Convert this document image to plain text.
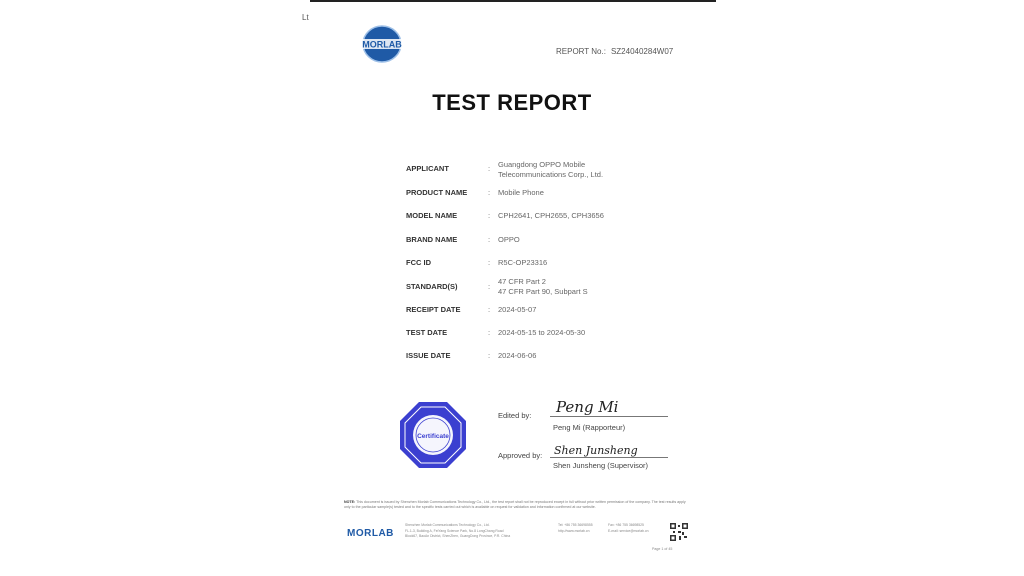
Lt
MORLAB
REPORT No.: SZ24040284W07
TEST REPORT
APPLICANT	: Guangdong OPPO Mobile
Telecommunications Corp., Ltd.
PRODUCT NAME	: Mobile Phone
MODEL NAME	: CPH2641, CPH2655, CPH3656
BRAND NAME	: OPPO
FCC ID	: R5C-OP23316
STANDARD(S)	:
47 CFR Part 2
47 CFR Part 90, Subpart S
RECEIPT DATE	: 2024-05-07
TEST DATE	: 2024-05-15 to 2024-05-30
ISSUE DATE	: 2024-06-06
Certificate
Edited by: Peng Mi
Peng Mi (Rapporteur)
Approved by: Shen Junsheng
Shen Junsheng (Supervisor)
NOTE: This document is issued by Shenzhen Morlab Communications Technology Co., Ltd., the test report shall not be reproduced except in full without prior written permission of the company. The test results apply only to the particular sample(s) tested and to the specific tests carried out which is available on request for validation and information confirmed at our website.
MORLAB
Shenzhen Morlab Communications Technology Co., Ltd.
FL.1-3, Building A, FeiYang Science Park, No.8 LongChang Road
Block67, BaoAn District, ShenZhen, GuangDong Province, P.R. China
Tel: +86 755 36698555
http://www.morlab.cn
Fax: +86 755 36698525
E-mail: service@morlab.cn
Page 1 of 45
